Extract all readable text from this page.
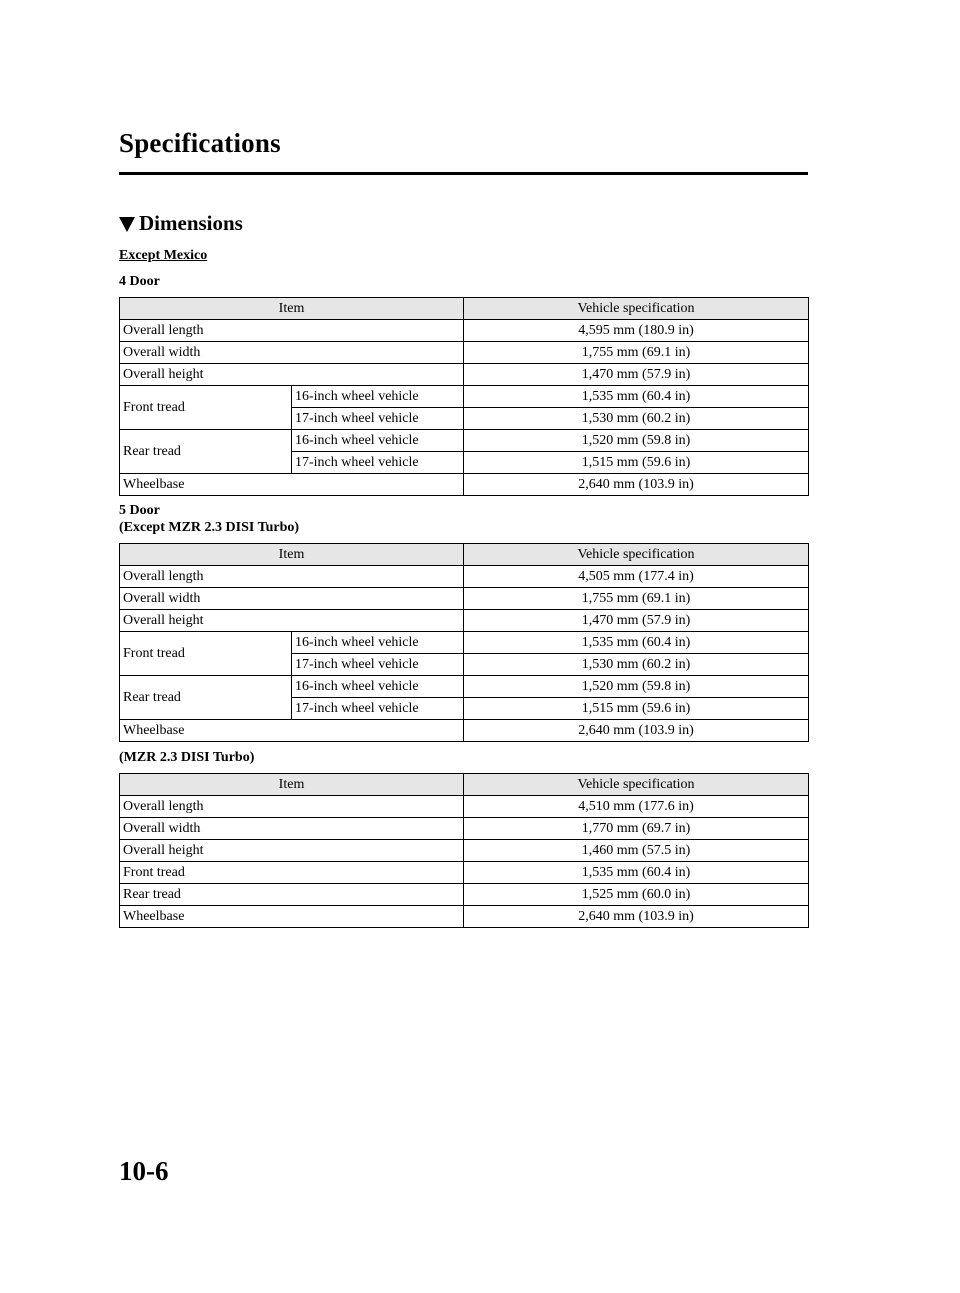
Specifications
Dimensions
Except Mexico
4 Door
Item		Vehicle specification
Overall length		4,595 mm (180.9 in)
Overall width		1,755 mm (69.1 in)
Overall height		1,470 mm (57.9 in)
Front tread	16-inch wheel vehicle	1,535 mm (60.4 in)
	17-inch wheel vehicle	1,530 mm (60.2 in)
Rear tread	16-inch wheel vehicle	1,520 mm (59.8 in)
	17-inch wheel vehicle	1,515 mm (59.6 in)
Wheelbase		2,640 mm (103.9 in)
5 Door
(Except MZR 2.3 DISI Turbo)
Item		Vehicle specification
Overall length		4,505 mm (177.4 in)
Overall width		1,755 mm (69.1 in)
Overall height		1,470 mm (57.9 in)
Front tread	16-inch wheel vehicle	1,535 mm (60.4 in)
	17-inch wheel vehicle	1,530 mm (60.2 in)
Rear tread	16-inch wheel vehicle	1,520 mm (59.8 in)
	17-inch wheel vehicle	1,515 mm (59.6 in)
Wheelbase		2,640 mm (103.9 in)
(MZR 2.3 DISI Turbo)
Item	Vehicle specification
Overall length	4,510 mm (177.6 in)
Overall width	1,770 mm (69.7 in)
Overall height	1,460 mm (57.5 in)
Front tread	1,535 mm (60.4 in)
Rear tread	1,525 mm (60.0 in)
Wheelbase	2,640 mm (103.9 in)
10-6
